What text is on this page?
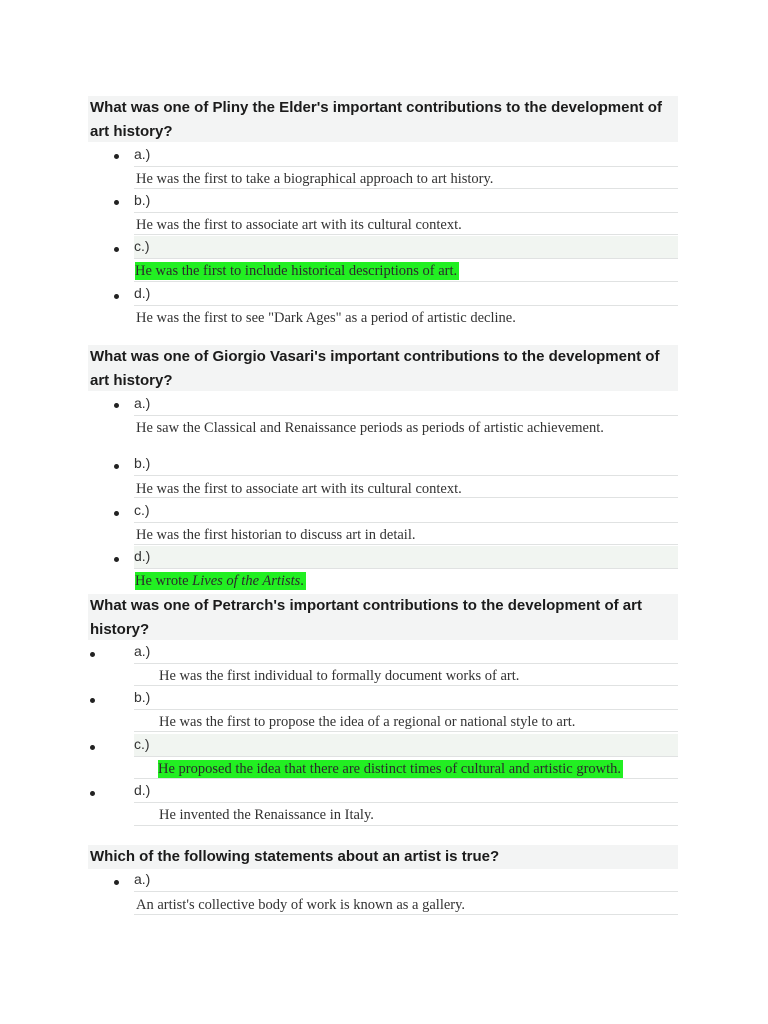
What was one of Pliny the Elder's important contributions to the development of
art history?
a.)
He was the first to take a biographical approach to art history.
b.)
He was the first to associate art with its cultural context.
c.)
He was the first to include historical descriptions of art.
d.)
He was the first to see "Dark Ages" as a period of artistic decline.
What was one of Giorgio Vasari's important contributions to the development of
art history?
a.)
He saw the Classical and Renaissance periods as periods of artistic achievement.
b.)
He was the first to associate art with its cultural context.
c.)
He was the first historian to discuss art in detail.
d.)
He wrote Lives of the Artists.
What was one of Petrarch's important contributions to the development of art
history?
a.)
He was the first individual to formally document works of art.
b.)
He was the first to propose the idea of a regional or national style to art.
c.)
He proposed the idea that there are distinct times of cultural and artistic growth.
d.)
He invented the Renaissance in Italy.
Which of the following statements about an artist is true?
a.)
An artist's collective body of work is known as a gallery.
